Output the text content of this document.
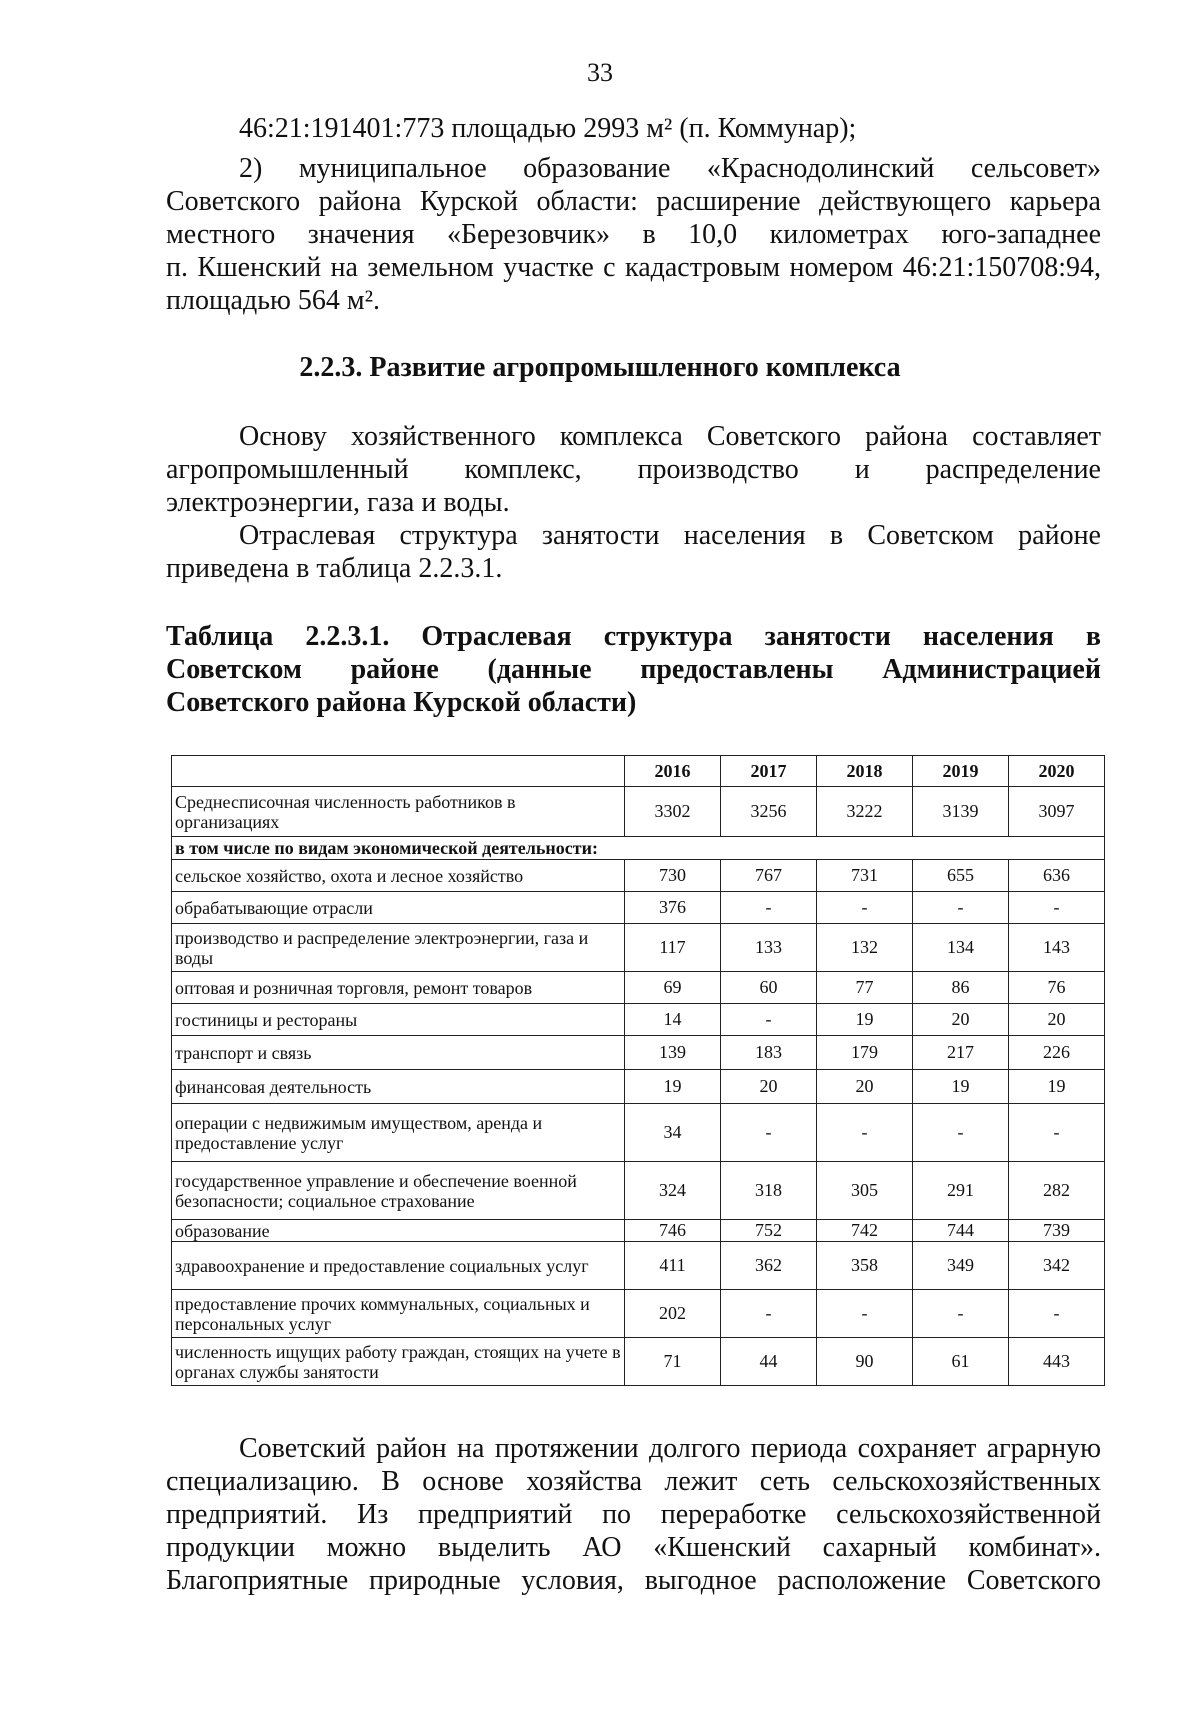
33
46:21:191401:773 площадью 2993 м² (п. Коммунар);
2) муниципальное образование «Краснодолинский сельсовет»
Советского района Курской области: расширение действующего карьера
местного значения «Березовчик» в 10,0 километрах юго-западнее
п. Кшенский на земельном участке с кадастровым номером 46:21:150708:94,
площадью 564 м².
2.2.3. Развитие агропромышленного комплекса
Основу хозяйственного комплекса Советского района составляет
агропромышленный комплекс, производство и распределение
электроэнергии, газа и воды.
Отраслевая структура занятости населения в Советском районе
приведена в таблица 2.2.3.1.
Таблица 2.2.3.1. Отраслевая структура занятости населения в
Советском районе (данные предоставлены Администрацией
Советского района Курской области)
	2016	2017	2018	2019	2020
Среднесписочная численность работников в организациях	3302	3256	3222	3139	3097
в том числе по видам экономической деятельности:					
сельское хозяйство, охота и лесное хозяйство	730	767	731	655	636
обрабатывающие отрасли	376	-	-	-	-
производство и распределение электроэнергии, газа и воды	117	133	132	134	143
оптовая и розничная торговля, ремонт товаров	69	60	77	86	76
гостиницы и рестораны	14	-	19	20	20
транспорт и связь	139	183	179	217	226
финансовая деятельность	19	20	20	19	19
операции с недвижимым имуществом, аренда и предоставление услуг	34	-	-	-	-
государственное управление и обеспечение военной безопасности; социальное страхование	324	318	305	291	282
образование	746	752	742	744	739
здравоохранение и предоставление социальных услуг	411	362	358	349	342
предоставление прочих коммунальных, социальных и персональных услуг	202	-	-	-	-
численность ищущих работу граждан, стоящих на учете в органах службы занятости	71	44	90	61	443
Советский район на протяжении долгого периода сохраняет аграрную
специализацию. В основе хозяйства лежит сеть сельскохозяйственных
предприятий. Из предприятий по переработке сельскохозяйственной
продукции можно выделить АО «Кшенский сахарный комбинат».
Благоприятные природные условия, выгодное расположение Советского
